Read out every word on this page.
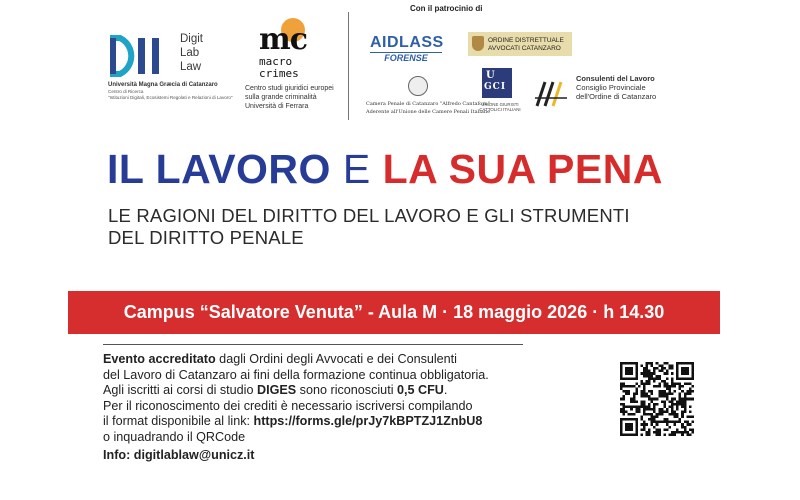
Digit
Lab
Law
Università Magna Græcia di Catanzaro
Centro di Ricerca
"Istituzioni Digitali, Ecosistemi Regolati e Relazioni di Lavoro"
mc
macro
crimes
Centro studi giuridici europei
sulla grande criminalità
Università di Ferrara
Con il patrocinio di
AIDLASS
FORENSE
ORDINE DISTRETTUALE
AVVOCATI CATANZARO
Camera Penale di Catanzaro "Alfredo Cantafora"
Aderente all'Unione delle Camere Penali Italiane
U
GCI
UNIONE GIURISTI
CATTOLICI ITALIANI
Consulenti del Lavoro
Consiglio Provinciale
dell'Ordine di Catanzaro
IL LAVORO E LA SUA PENA
LE RAGIONI DEL DIRITTO DEL LAVORO E GLI STRUMENTI
DEL DIRITTO PENALE
Campus “Salvatore Venuta” - Aula M · 18 maggio 2026 · h 14.30
Evento accreditato dagli Ordini degli Avvocati e dei Consulenti
del Lavoro di Catanzaro ai fini della formazione continua obbligatoria.
Agli iscritti ai corsi di studio DIGES sono riconosciuti 0,5 CFU.
Per il riconoscimento dei crediti è necessario iscriversi compilando
il format disponibile al link: https://forms.gle/prJy7kBPTZJ1ZnbU8
o inquadrando il QRCode
Info: digitlablaw@unicz.it
